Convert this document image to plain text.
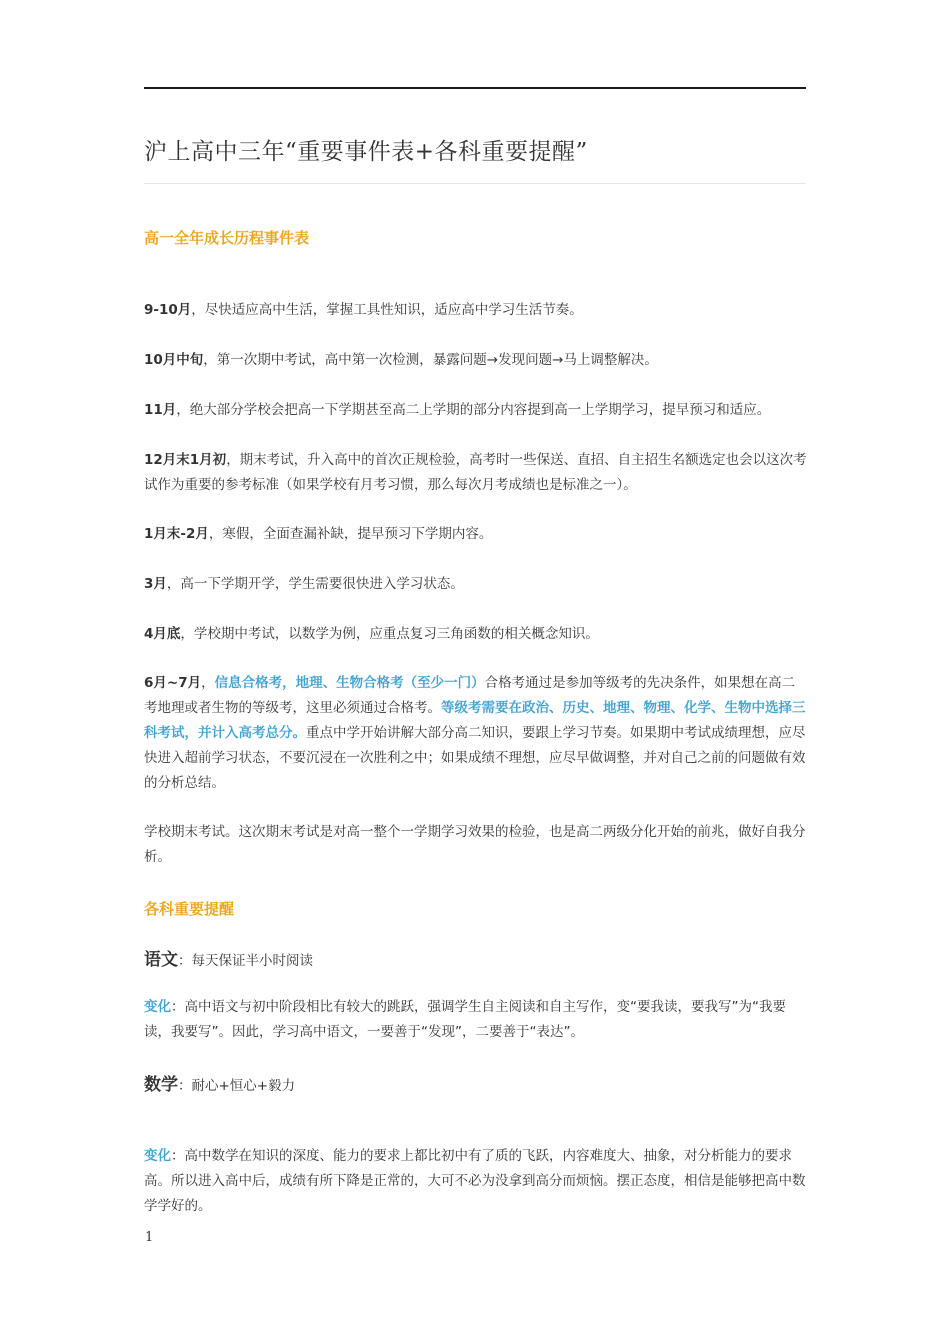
沪上高中三年“重要事件表+各科重要提醒”
高一全年成长历程事件表
9-10月，尽快适应高中生活，掌握工具性知识，适应高中学习生活节奏。
10月中旬，第一次期中考试，高中第一次检测，暴露问题→发现问题→马上调整解决。
11月，绝大部分学校会把高一下学期甚至高二上学期的部分内容提到高一上学期学习，提早预习和适应。
12月末1月初，期末考试，升入高中的首次正规检验，高考时一些保送、直招、自主招生名额选定也会以这次考试作为重要的参考标准（如果学校有月考习惯，那么每次月考成绩也是标准之一）。
1月末-2月，寒假，全面查漏补缺，提早预习下学期内容。
3月，高一下学期开学，学生需要很快进入学习状态。
4月底，学校期中考试，以数学为例，应重点复习三角函数的相关概念知识。
6月~7月，信息合格考，地理、生物合格考（至少一门）合格考通过是参加等级考的先决条件，如果想在高二考地理或者生物的等级考，这里必须通过合格考。等级考需要在政治、历史、地理、物理、化学、生物中选择三科考试，并计入高考总分。重点中学开始讲解大部分高二知识，要跟上学习节奏。如果期中考试成绩理想，应尽快进入超前学习状态，不要沉浸在一次胜利之中；如果成绩不理想，应尽早做调整，并对自己之前的问题做有效的分析总结。
学校期末考试。这次期末考试是对高一整个一学期学习效果的检验，也是高二两级分化开始的前兆，做好自我分析。
各科重要提醒
语文：每天保证半小时阅读
变化：高中语文与初中阶段相比有较大的跳跃，强调学生自主阅读和自主写作，变“要我读，要我写”为“我要读，我要写”。因此，学习高中语文，一要善于“发现”，二要善于“表达”。
数学：耐心+恒心+毅力
变化：高中数学在知识的深度、能力的要求上都比初中有了质的飞跃，内容难度大、抽象，对分析能力的要求高。所以进入高中后，成绩有所下降是正常的，大可不必为没拿到高分而烦恼。摆正态度，相信是能够把高中数学学好的。
1
